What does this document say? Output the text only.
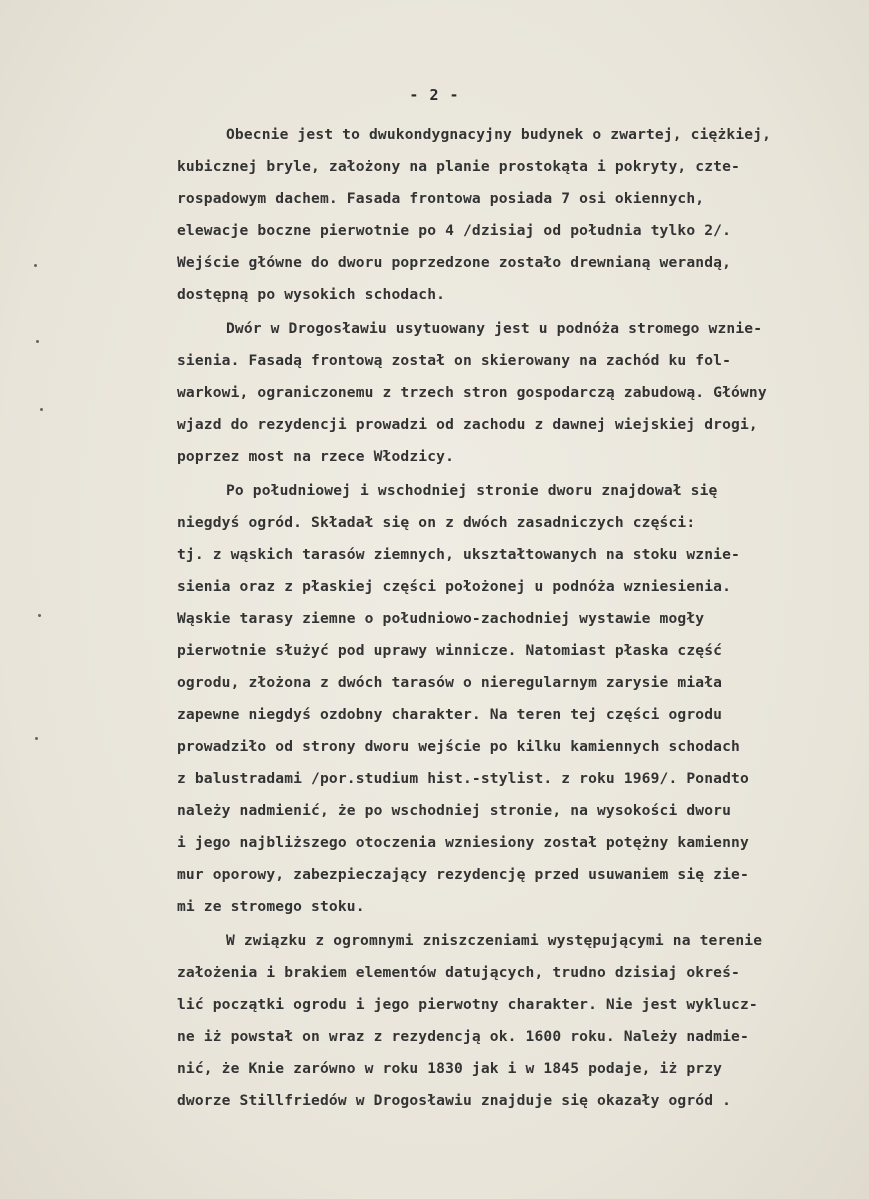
- 2 -
Obecnie jest to dwukondygnacyjny budynek o zwartej, ciężkiej,
kubicznej bryle, założony na planie prostokąta i pokryty, czte-
rospadowym dachem. Fasada frontowa posiada 7 osi okiennych,
elewacje boczne pierwotnie po 4 /dzisiaj od południa tylko 2/.
Wejście główne do dworu poprzedzone zostało drewnianą werandą,
dostępną po wysokich schodach.
Dwór w Drogosławiu usytuowany jest u podnóża stromego wznie-
sienia. Fasadą frontową został on skierowany na zachód ku fol-
warkowi, ograniczonemu z trzech stron gospodarczą zabudową. Główny
wjazd do rezydencji prowadzi od zachodu z dawnej wiejskiej drogi,
poprzez most na rzece Włodzicy.
Po południowej i wschodniej stronie dworu znajdował się
niegdyś ogród. Składał się on z dwóch zasadniczych części:
tj. z wąskich tarasów ziemnych, ukształtowanych na stoku wznie-
sienia oraz z płaskiej części położonej u podnóża wzniesienia.
Wąskie tarasy ziemne o południowo-zachodniej wystawie mogły
pierwotnie służyć pod uprawy winnicze. Natomiast płaska część
ogrodu, złożona z dwóch tarasów o nieregularnym zarysie miała
zapewne niegdyś ozdobny charakter. Na teren tej części ogrodu
prowadziło od strony dworu wejście po kilku kamiennych schodach
z balustradami /por.studium hist.-stylist. z roku 1969/. Ponadto
należy nadmienić, że po wschodniej stronie, na wysokości dworu
i jego najbliższego otoczenia wzniesiony został potężny kamienny
mur oporowy, zabezpieczający rezydencję przed usuwaniem się zie-
mi ze stromego stoku.
W związku z ogromnymi zniszczeniami występującymi na terenie
założenia i brakiem elementów datujących, trudno dzisiaj okreś-
lić początki ogrodu i jego pierwotny charakter. Nie jest wyklucz-
ne iż powstał on wraz z rezydencją ok. 1600 roku. Należy nadmie-
nić, że Knie zarówno w roku 1830 jak i w 1845 podaje, iż przy
dworze Stillfriedów w Drogosławiu znajduje się okazały ogród .
